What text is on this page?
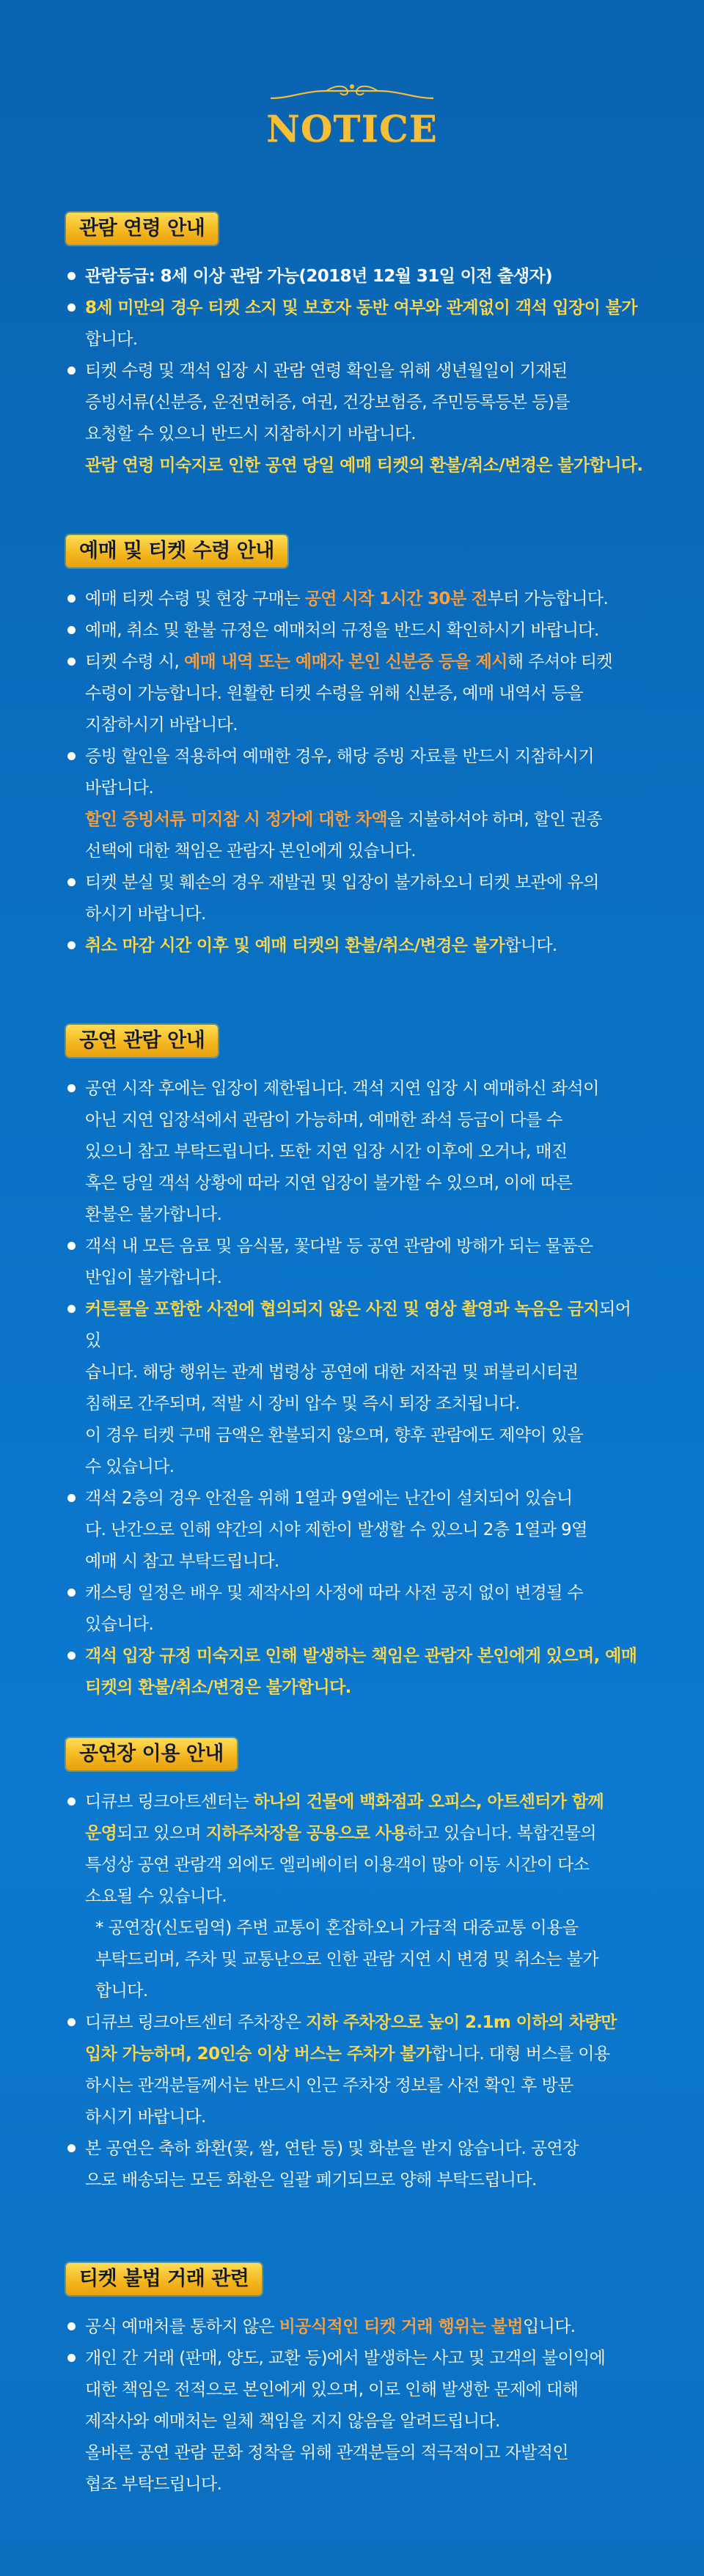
NOTICE
관람 연령 안내
관람등급: 8세 이상 관람 가능(2018년 12월 31일 이전 출생자)
8세 미만의 경우 티켓 소지 및 보호자 동반 여부와 관계없이 객석 입장이 불가
합니다.
티켓 수령 및 객석 입장 시 관람 연령 확인을 위해 생년월일이 기재된
증빙서류(신분증, 운전면허증, 여권, 건강보험증, 주민등록등본 등)를
요청할 수 있으니 반드시 지참하시기 바랍니다.
관람 연령 미숙지로 인한 공연 당일 예매 티켓의 환불/취소/변경은 불가합니다.
예매 및 티켓 수령 안내
예매 티켓 수령 및 현장 구매는 공연 시작 1시간 30분 전부터 가능합니다.
예매, 취소 및 환불 규정은 예매처의 규정을 반드시 확인하시기 바랍니다.
티켓 수령 시, 예매 내역 또는 예매자 본인 신분증 등을 제시해 주셔야 티켓
수령이 가능합니다. 원활한 티켓 수령을 위해 신분증, 예매 내역서 등을
지참하시기 바랍니다.
증빙 할인을 적용하여 예매한 경우, 해당 증빙 자료를 반드시 지참하시기
바랍니다.
할인 증빙서류 미지참 시 정가에 대한 차액을 지불하셔야 하며, 할인 권종
선택에 대한 책임은 관람자 본인에게 있습니다.
티켓 분실 및 훼손의 경우 재발권 및 입장이 불가하오니 티켓 보관에 유의
하시기 바랍니다.
취소 마감 시간 이후 및 예매 티켓의 환불/취소/변경은 불가합니다.
공연 관람 안내
공연 시작 후에는 입장이 제한됩니다. 객석 지연 입장 시 예매하신 좌석이
아닌 지연 입장석에서 관람이 가능하며, 예매한 좌석 등급이 다를 수
있으니 참고 부탁드립니다. 또한 지연 입장 시간 이후에 오거나, 매진
혹은 당일 객석 상황에 따라 지연 입장이 불가할 수 있으며, 이에 따른
환불은 불가합니다.
객석 내 모든 음료 및 음식물, 꽃다발 등 공연 관람에 방해가 되는 물품은
반입이 불가합니다.
커튼콜을 포함한 사전에 협의되지 않은 사진 및 영상 촬영과 녹음은 금지되어있
습니다. 해당 행위는 관계 법령상 공연에 대한 저작권 및 퍼블리시티권
침해로 간주되며, 적발 시 장비 압수 및 즉시 퇴장 조치됩니다.
이 경우 티켓 구매 금액은 환불되지 않으며, 향후 관람에도 제약이 있을
수 있습니다.
객석 2층의 경우 안전을 위해 1열과 9열에는 난간이 설치되어 있습니
다. 난간으로 인해 약간의 시야 제한이 발생할 수 있으니 2층 1열과 9열
예매 시 참고 부탁드립니다.
캐스팅 일정은 배우 및 제작사의 사정에 따라 사전 공지 없이 변경될 수
있습니다.
객석 입장 규정 미숙지로 인해 발생하는 책임은 관람자 본인에게 있으며, 예매
티켓의 환불/취소/변경은 불가합니다.
공연장 이용 안내
디큐브 링크아트센터는 하나의 건물에 백화점과 오피스, 아트센터가 함께
운영되고 있으며 지하주차장을 공용으로 사용하고 있습니다. 복합건물의
특성상 공연 관람객 외에도 엘리베이터 이용객이 많아 이동 시간이 다소
소요될 수 있습니다.
* 공연장(신도림역) 주변 교통이 혼잡하오니 가급적 대중교통 이용을
부탁드리며, 주차 및 교통난으로 인한 관람 지연 시 변경 및 취소는 불가
합니다.
디큐브 링크아트센터 주차장은 지하 주차장으로 높이 2.1m 이하의 차량만
입차 가능하며, 20인승 이상 버스는 주차가 불가합니다. 대형 버스를 이용
하시는 관객분들께서는 반드시 인근 주차장 정보를 사전 확인 후 방문
하시기 바랍니다.
본 공연은 축하 화환(꽃, 쌀, 연탄 등) 및 화분을 받지 않습니다. 공연장
으로 배송되는 모든 화환은 일괄 폐기되므로 양해 부탁드립니다.
티켓 불법 거래 관련
공식 예매처를 통하지 않은 비공식적인 티켓 거래 행위는 불법입니다.
개인 간 거래 (판매, 양도, 교환 등)에서 발생하는 사고 및 고객의 불이익에
대한 책임은 전적으로 본인에게 있으며, 이로 인해 발생한 문제에 대해
제작사와 예매처는 일체 책임을 지지 않음을 알려드립니다.
올바른 공연 관람 문화 정착을 위해 관객분들의 적극적이고 자발적인
협조 부탁드립니다.
